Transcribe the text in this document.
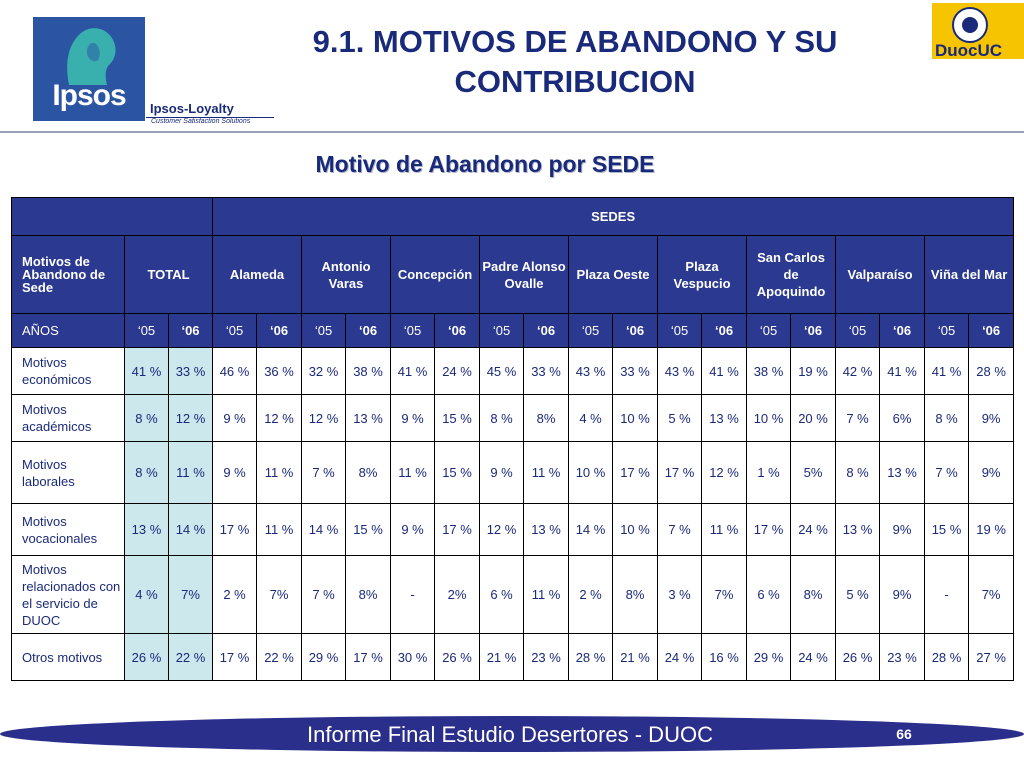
Ipsos	Ipsos-Loyalty
Customer Satisfaction Solutions
9.1. MOTIVOS DE ABANDONO Y SU
CONTRIBUCION
DuocUC
Motivo de Abandono por SEDE
			SEDES																	
Motivos de Abandono de Sede	TOTAL		Alameda		Antonio Varas		Concepción		Padre Alonso Ovalle		Plaza Oeste		Plaza Vespucio		San Carlos de Apoquindo		Valparaíso		Viña del Mar	
AÑOS	‘05	‘06	‘05	‘06	‘05	‘06	‘05	‘06	‘05	‘06	‘05	‘06	‘05	‘06	‘05	‘06	‘05	‘06	‘05	‘06
Motivos económicos	41 %	33 %	46 %	36 %	32 %	38 %	41 %	24 %	45 %	33 %	43 %	33 %	43 %	41 %	38 %	19 %	42 %	41 %	41 %	28 %
Motivos académicos	8 %	12 %	9 %	12 %	12 %	13 %	9 %	15 %	8 %	8%	4 %	10 %	5 %	13 %	10 %	20 %	7 %	6%	8 %	9%
Motivos laborales	8 %	11 %	9 %	11 %	7 %	8%	11 %	15 %	9 %	11 %	10 %	17 %	17 %	12 %	1 %	5%	8 %	13 %	7 %	9%
Motivos vocacionales	13 %	14 %	17 %	11 %	14 %	15 %	9 %	17 %	12 %	13 %	14 %	10 %	7 %	11 %	17 %	24 %	13 %	9%	15 %	19 %
Motivos relacionados con el servicio de DUOC	4 %	7%	2 %	7%	7 %	8%	-	2%	6 %	11 %	2 %	8%	3 %	7%	6 %	8%	5 %	9%	-	7%
Otros motivos	26 %	22 %	17 %	22 %	29 %	17 %	30 %	26 %	21 %	23 %	28 %	21 %	24 %	16 %	29 %	24 %	26 %	23 %	28 %	27 %
Informe Final Estudio Desertores - DUOC	66
